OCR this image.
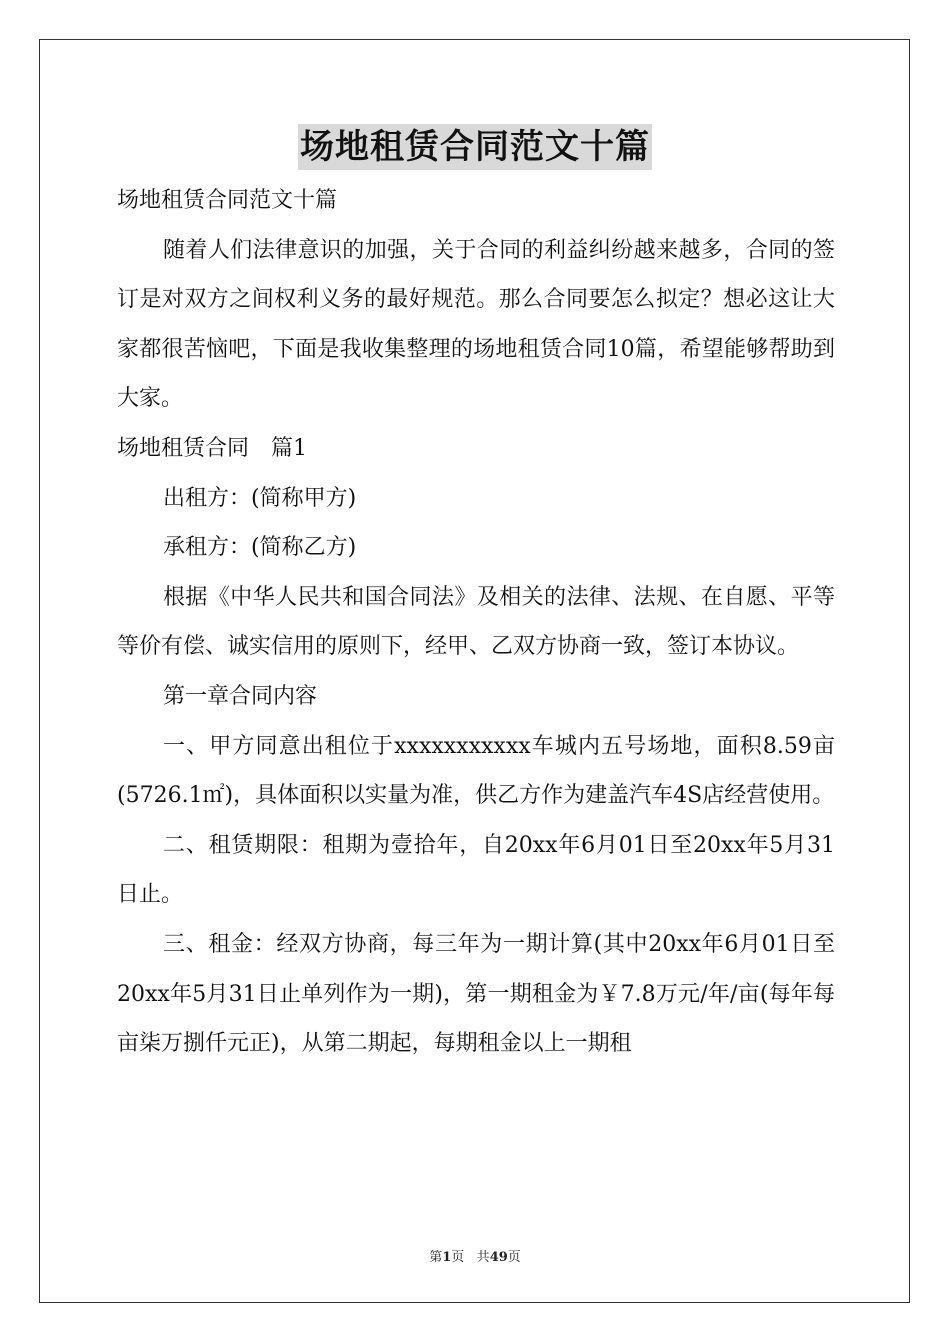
场地租赁合同范文十篇

场地租赁合同范文十篇

随着人们法律意识的加强，关于合同的利益纠纷越来越多，合同的签订是对双方之间权利义务的最好规范。那么合同要怎么拟定？想必这让大家都很苦恼吧，下面是我收集整理的场地租赁合同10篇，希望能够帮助到大家。

场地租赁合同　篇1

出租方：(简称甲方)

承租方：(简称乙方)

根据《中华人民共和国合同法》及相关的法律、法规、在自愿、平等等价有偿、诚实信用的原则下，经甲、乙双方协商一致，签订本协议。

第一章合同内容

一、甲方同意出租位于xxxxxxxxxxx车城内五号场地，面积8.59亩(5726.1㎡)，具体面积以实量为准，供乙方作为建盖汽车4S店经营使用。

二、租赁期限：租期为壹拾年，自20xx年6月01日至20xx年5月31日止。

三、租金：经双方协商，每三年为一期计算(其中20xx年6月01日至20xx年5月31日止单列作为一期)，第一期租金为￥7.8万元/年/亩(每年每亩柒万捌仟元正)，从第二期起，每期租金以上一期租

第1页 共49页
